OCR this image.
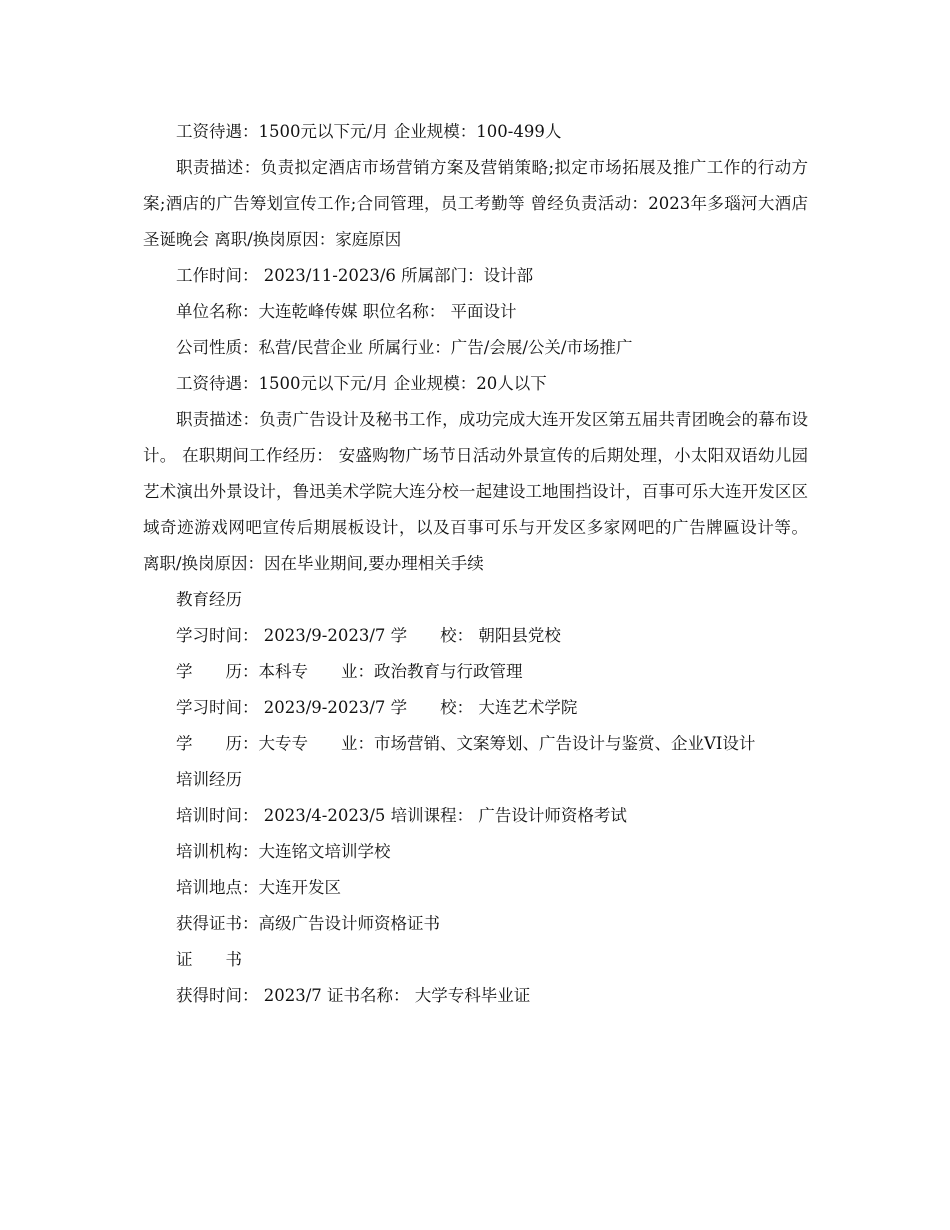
工资待遇：1500元以下元/月 企业规模：100-499人

职责描述：负责拟定酒店市场营销方案及营销策略;拟定市场拓展及推广工作的行动方案;酒店的广告筹划宣传工作;合同管理，员工考勤等 曾经负责活动：2023年多瑙河大酒店圣诞晚会 离职/换岗原因：家庭原因

工作时间： 2023/11-2023/6 所属部门：设计部

单位名称：大连乾峰传媒 职位名称： 平面设计

公司性质：私营/民营企业 所属行业：广告/会展/公关/市场推广

工资待遇：1500元以下元/月 企业规模：20人以下

职责描述：负责广告设计及秘书工作，成功完成大连开发区第五届共青团晚会的幕布设计。 在职期间工作经历： 安盛购物广场节日活动外景宣传的后期处理，小太阳双语幼儿园艺术演出外景设计，鲁迅美术学院大连分校一起建设工地围挡设计，百事可乐大连开发区区域奇迹游戏网吧宣传后期展板设计，以及百事可乐与开发区多家网吧的广告牌匾设计等。 离职/换岗原因：因在毕业期间,要办理相关手续

教育经历

学习时间： 2023/9-2023/7 学　　校： 朝阳县党校

学　　历：本科专　　业：政治教育与行政管理

学习时间： 2023/9-2023/7 学　　校： 大连艺术学院

学　　历：大专专　　业：市场营销、文案筹划、广告设计与鉴赏、企业VI设计

培训经历

培训时间： 2023/4-2023/5 培训课程： 广告设计师资格考试

培训机构：大连铭文培训学校

培训地点：大连开发区

获得证书：高级广告设计师资格证书

证　　书

获得时间： 2023/7 证书名称： 大学专科毕业证
